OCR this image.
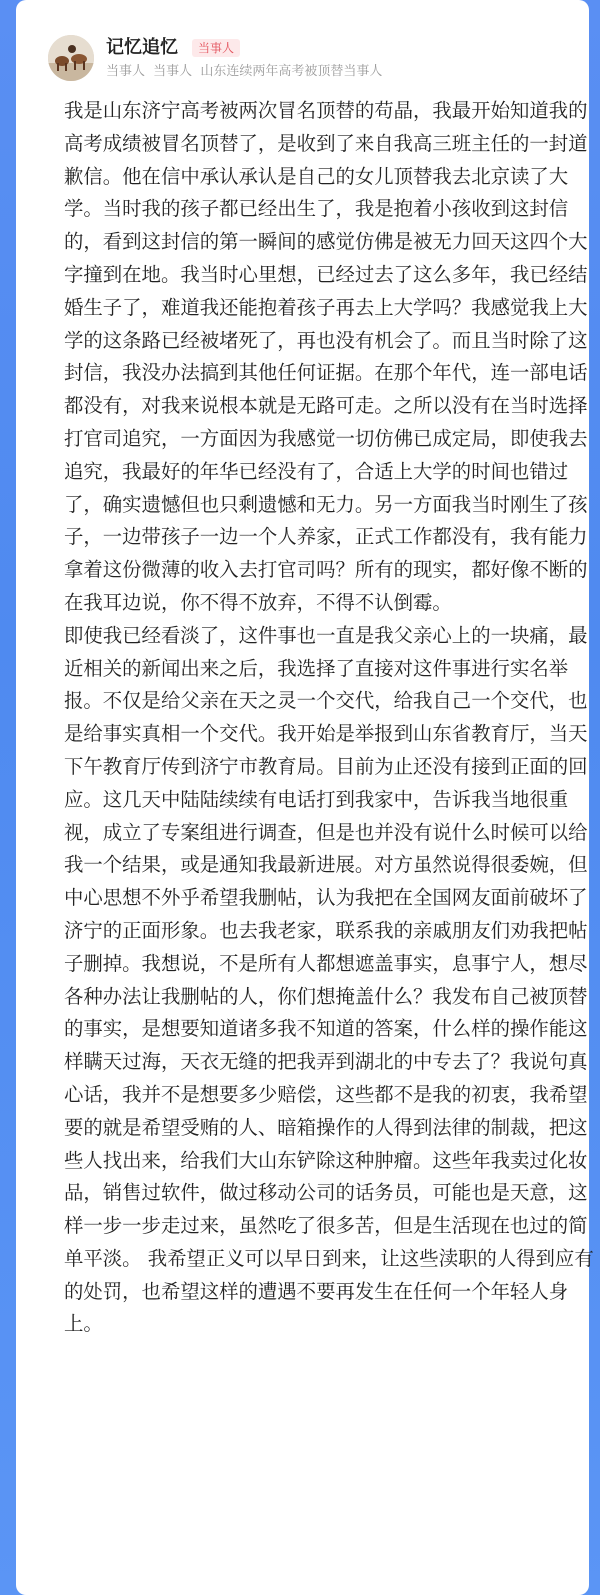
记忆追忆	当事人
当事人 当事人 山东连续两年高考被顶替当事人

我是山东济宁高考被两次冒名顶替的苟晶，我最开始知道我的高考成绩被冒名顶替了，是收到了来自我高三班主任的一封道歉信。他在信中承认承认是自己的女儿顶替我去北京读了大学。当时我的孩子都已经出生了，我是抱着小孩收到这封信的，看到这封信的第一瞬间的感觉仿佛是被无力回天这四个大字撞到在地。我当时心里想，已经过去了这么多年，我已经结婚生子了，难道我还能抱着孩子再去上大学吗？我感觉我上大学的这条路已经被堵死了，再也没有机会了。而且当时除了这封信，我没办法搞到其他任何证据。在那个年代，连一部电话都没有，对我来说根本就是无路可走。之所以没有在当时选择打官司追究，一方面因为我感觉一切仿佛已成定局，即使我去追究，我最好的年华已经没有了，合适上大学的时间也错过了，确实遗憾但也只剩遗憾和无力。另一方面我当时刚生了孩子，一边带孩子一边一个人养家，正式工作都没有，我有能力拿着这份微薄的收入去打官司吗？所有的现实，都好像不断的在我耳边说，你不得不放弃，不得不认倒霉。

即使我已经看淡了，这件事也一直是我父亲心上的一块痛，最近相关的新闻出来之后，我选择了直接对这件事进行实名举报。不仅是给父亲在天之灵一个交代，给我自己一个交代，也是给事实真相一个交代。我开始是举报到山东省教育厅，当天下午教育厅传到济宁市教育局。目前为止还没有接到正面的回应。这几天中陆陆续续有电话打到我家中，告诉我当地很重视，成立了专案组进行调查，但是也并没有说什么时候可以给我一个结果，或是通知我最新进展。对方虽然说得很委婉，但中心思想不外乎希望我删帖，认为我把在全国网友面前破坏了济宁的正面形象。也去我老家，联系我的亲戚朋友们劝我把帖子删掉。我想说，不是所有人都想遮盖事实，息事宁人，想尽各种办法让我删帖的人，你们想掩盖什么？我发布自己被顶替的事实，是想要知道诸多我不知道的答案，什么样的操作能这样瞒天过海，天衣无缝的把我弄到湖北的中专去了？我说句真心话，我并不是想要多少赔偿，这些都不是我的初衷，我希望要的就是希望受贿的人、暗箱操作的人得到法律的制裁，把这些人找出来，给我们大山东铲除这种肿瘤。这些年我卖过化妆品，销售过软件，做过移动公司的话务员，可能也是天意，这样一步一步走过来，虽然吃了很多苦，但是生活现在也过的简单平淡。 我希望正义可以早日到来，让这些渎职的人得到应有的处罚，也希望这样的遭遇不要再发生在任何一个年轻人身上。
